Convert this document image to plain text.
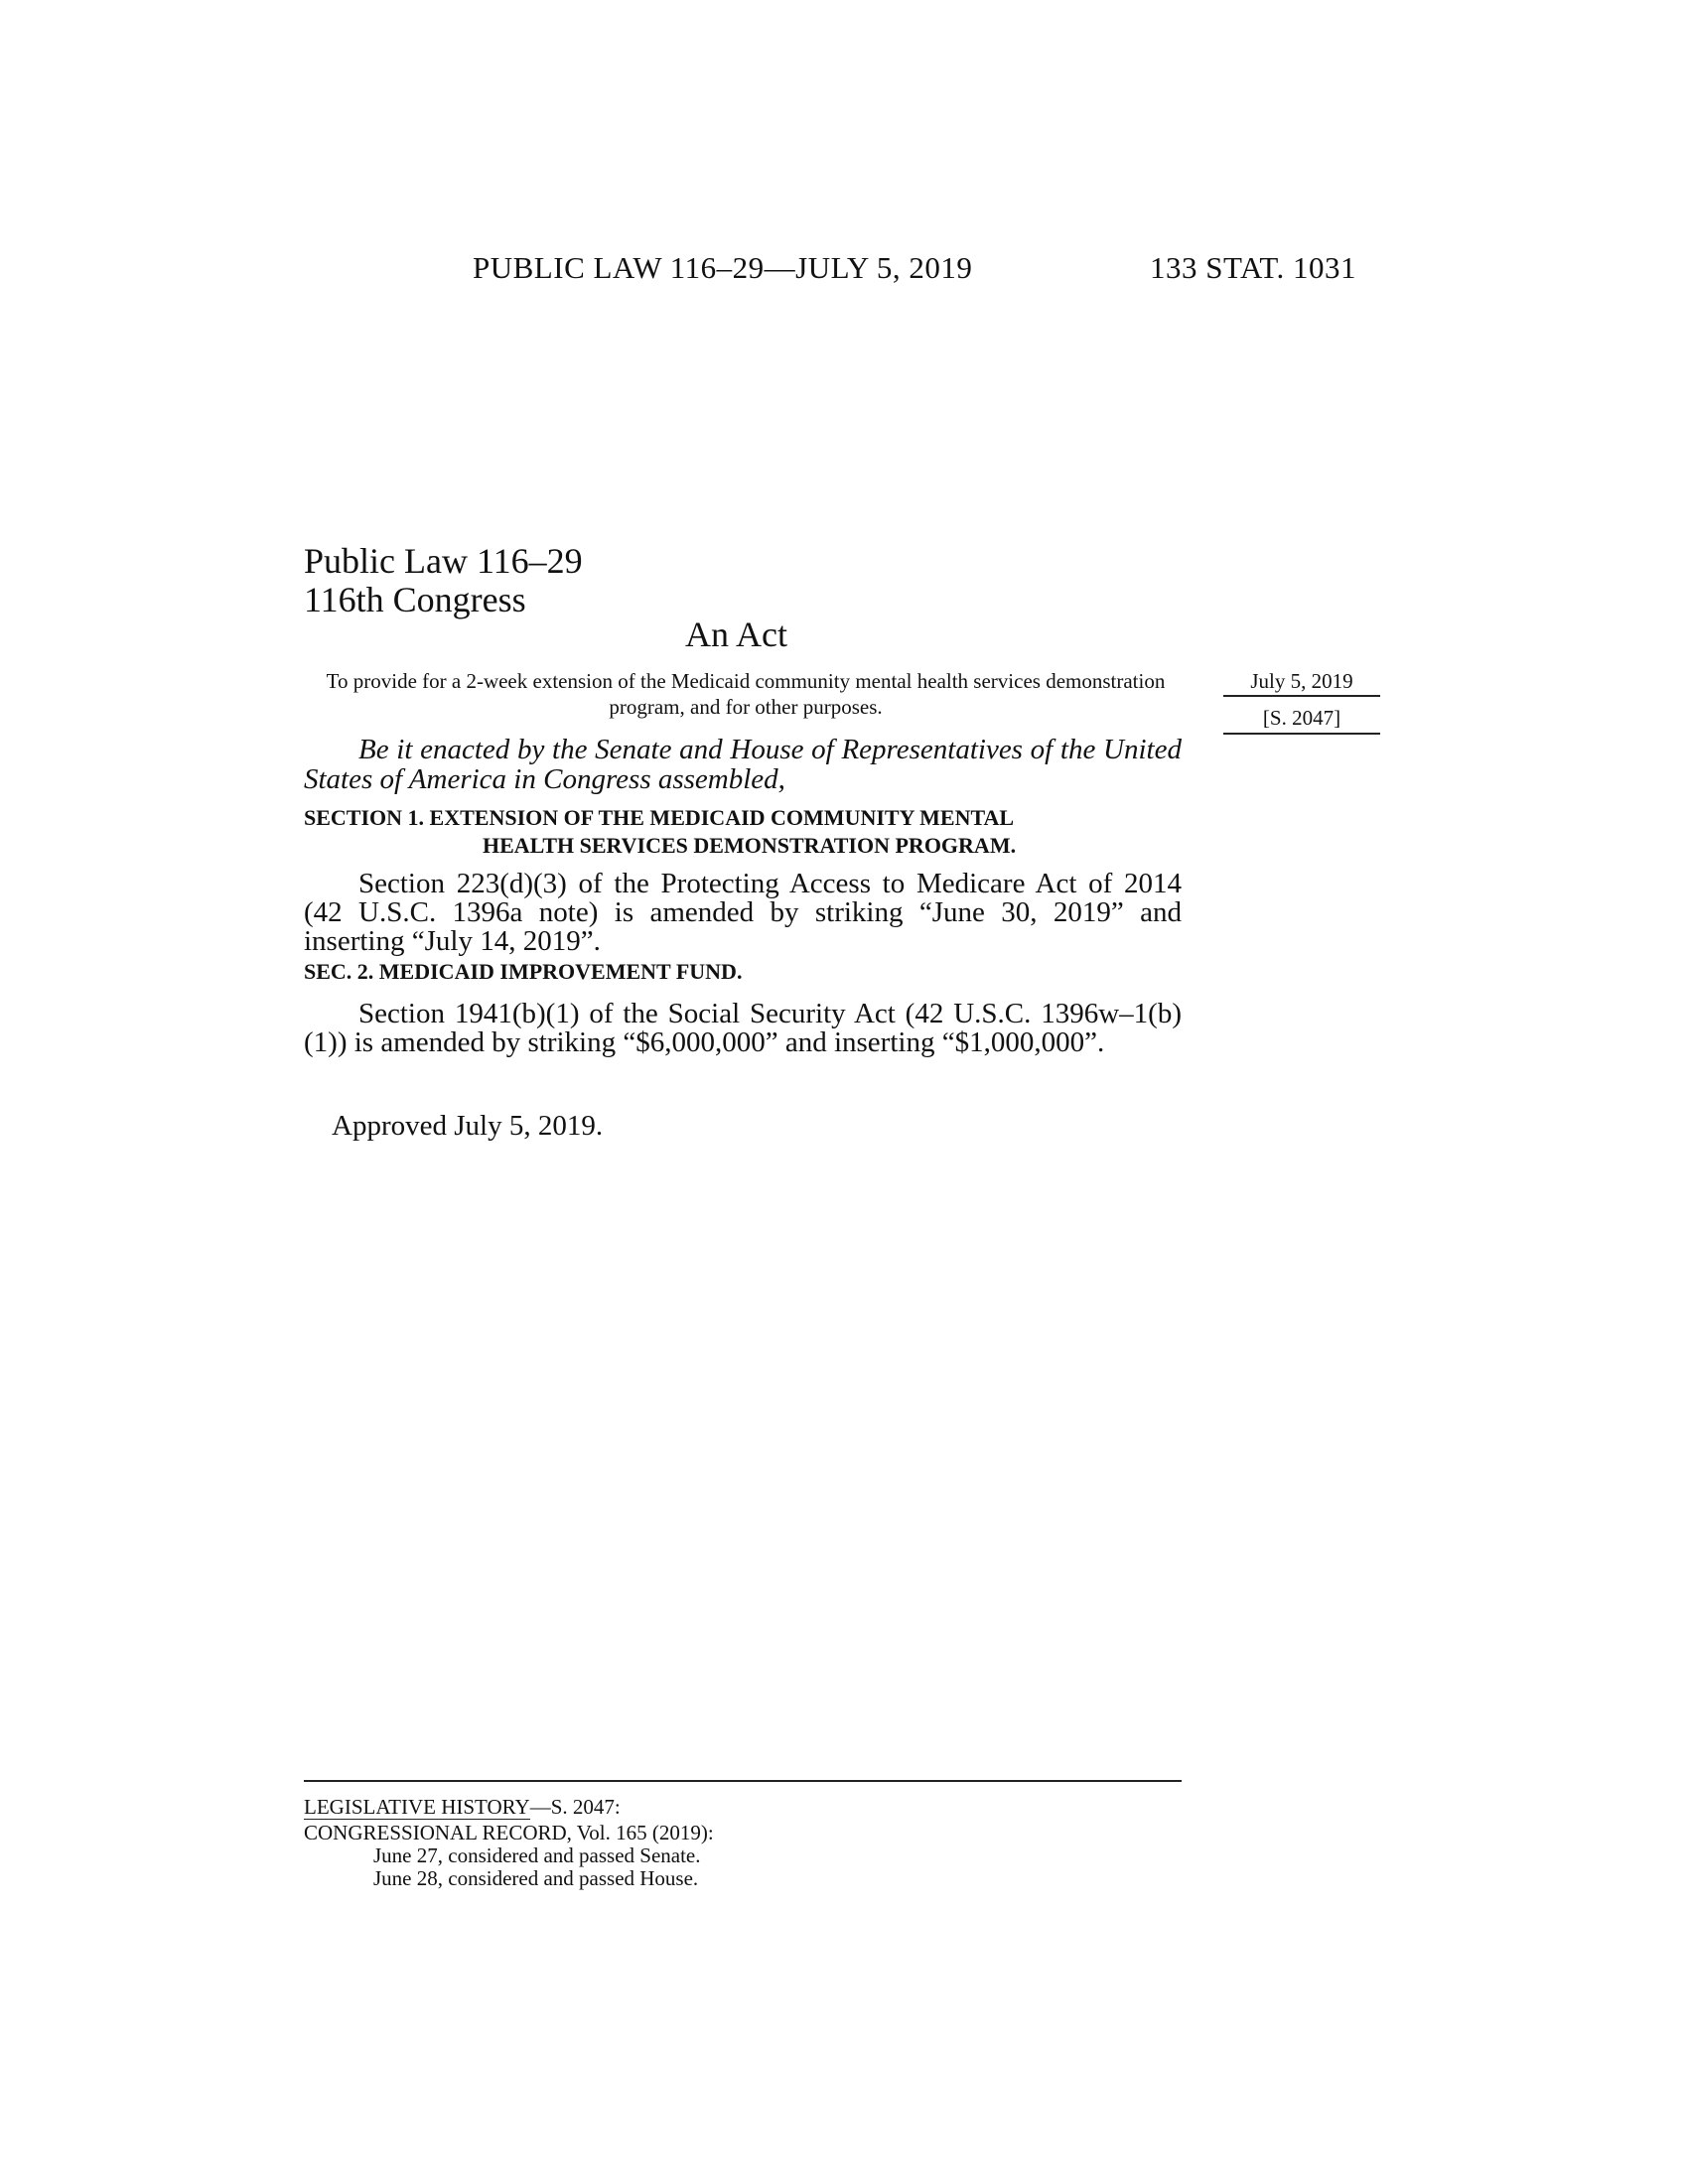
PUBLIC LAW 116–29—JULY 5, 2019	133 STAT. 1031
Public Law 116–29
116th Congress
An Act
To provide for a 2-week extension of the Medicaid community mental health services demonstration program, and for other purposes.
July 5, 2019
[S. 2047]
Be it enacted by the Senate and House of Representatives of the United States of America in Congress assembled,
SECTION 1. EXTENSION OF THE MEDICAID COMMUNITY MENTAL
HEALTH SERVICES DEMONSTRATION PROGRAM.
Section 223(d)(3) of the Protecting Access to Medicare Act of 2014 (42 U.S.C. 1396a note) is amended by striking “June 30, 2019” and inserting “July 14, 2019”.
SEC. 2. MEDICAID IMPROVEMENT FUND.
Section 1941(b)(1) of the Social Security Act (42 U.S.C. 1396w–1(b)(1)) is amended by striking “$6,000,000” and inserting “$1,000,000”.
Approved July 5, 2019.
LEGISLATIVE HISTORY—S. 2047:
CONGRESSIONAL RECORD, Vol. 165 (2019):
June 27, considered and passed Senate.
June 28, considered and passed House.
